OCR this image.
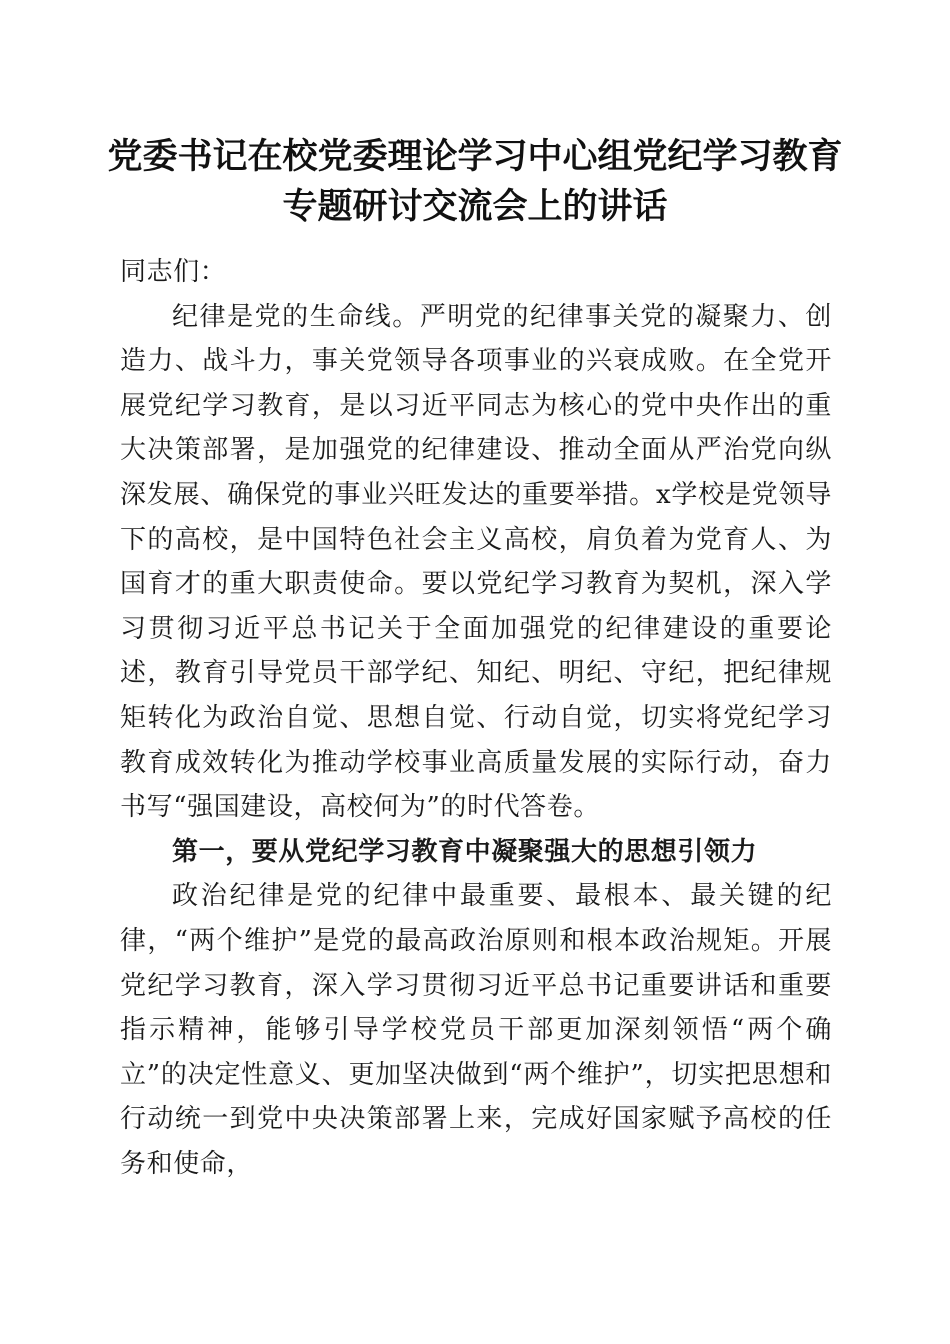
党委书记在校党委理论学习中心组党纪学习教育专题研讨交流会上的讲话

同志们：

纪律是党的生命线。严明党的纪律事关党的凝聚力、创造力、战斗力，事关党领导各项事业的兴衰成败。在全党开展党纪学习教育，是以习近平同志为核心的党中央作出的重大决策部署，是加强党的纪律建设、推动全面从严治党向纵深发展、确保党的事业兴旺发达的重要举措。x学校是党领导下的高校，是中国特色社会主义高校，肩负着为党育人、为国育才的重大职责使命。要以党纪学习教育为契机，深入学习贯彻习近平总书记关于全面加强党的纪律建设的重要论述，教育引导党员干部学纪、知纪、明纪、守纪，把纪律规矩转化为政治自觉、思想自觉、行动自觉，切实将党纪学习教育成效转化为推动学校事业高质量发展的实际行动，奋力书写“强国建设，高校何为”的时代答卷。

第一，要从党纪学习教育中凝聚强大的思想引领力

政治纪律是党的纪律中最重要、最根本、最关键的纪律，“两个维护”是党的最高政治原则和根本政治规矩。开展党纪学习教育，深入学习贯彻习近平总书记重要讲话和重要指示精神，能够引导学校党员干部更加深刻领悟“两个确立”的决定性意义、更加坚决做到“两个维护”，切实把思想和行动统一到党中央决策部署上来，完成好国家赋予高校的任务和使命，
